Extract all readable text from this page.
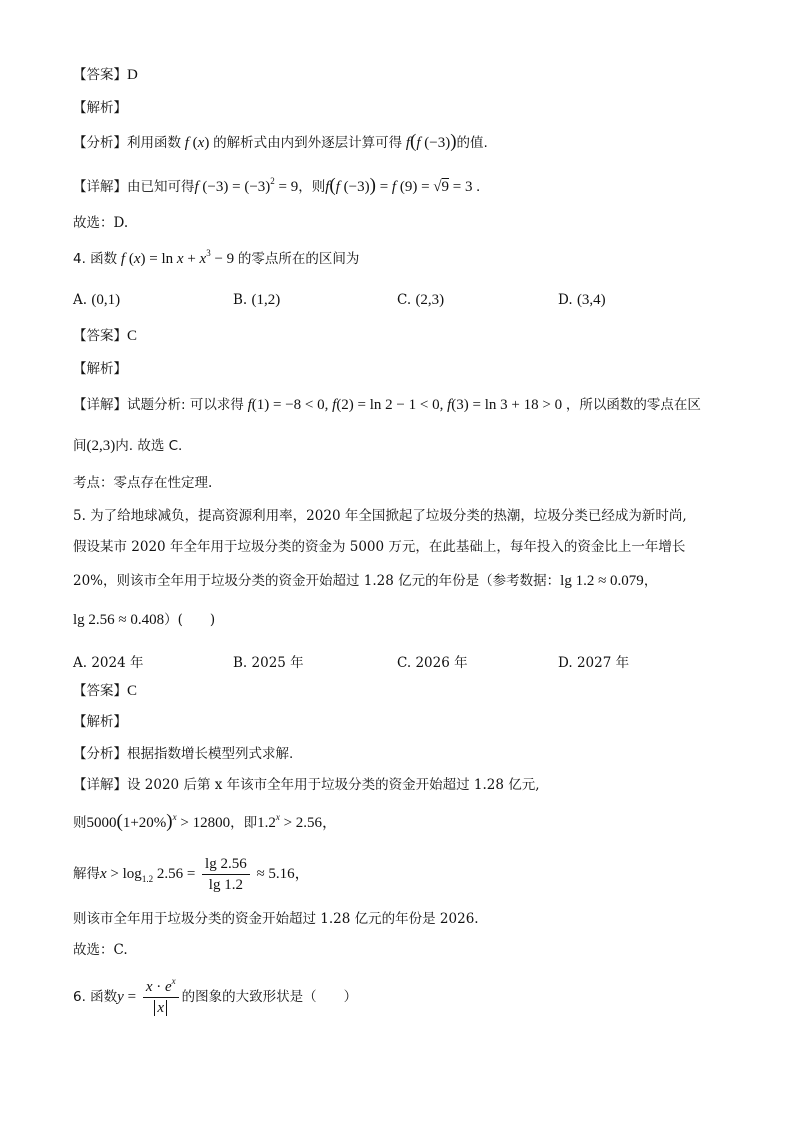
【答案】D
【解析】
【分析】利用函数 f (x) 的解析式由内到外逐层计算可得 f(f (−3))的值.
【详解】由已知可得f $(-3) = (-3)^2 = 9$，则f(f (−3)) = f (9) = √9 = 3 .
故选：D.
4. 函数 f $(x) = \ln x + x^3 - 9$ 的零点所在的区间为
A. (0,1)	B. (1,2)	C. (2,3)	D. (3,4)
【答案】C
【解析】
【详解】试题分析: 可以求得 f(1) = −8 < 0, f(2) = ln 2 − 1 < 0, f(3) = ln 3 + 18 > 0 ，所以函数的零点在区
间(2,3)内. 故选 C.
考点：零点存在性定理.
5. 为了给地球减负，提高资源利用率，2020 年全国掀起了垃圾分类的热潮，垃圾分类已经成为新时尚,
假设某市 2020 年全年用于垃圾分类的资金为 5000 万元，在此基础上，每年投入的资金比上一年增长
20%，则该市全年用于垃圾分类的资金开始超过 1.28 亿元的年份是（参考数据：lg 1.2 ≈ 0.079，
lg 2.56 ≈ 0.408）(　　)
A. 2024 年	B. 2025 年	C. 2026 年	D. 2027 年
【答案】C
【解析】
【分析】根据指数增长模型列式求解.
【详解】设 2020 后第 x 年该市全年用于垃圾分类的资金开始超过 1.28 亿元,
则$5000(1+20\%)^x > 12800$，即$1.2^x > 2.56$，
解得$x > \log_{1.2} 2.56 = \frac{\lg 2.56}{\lg 1.2} \approx 5.16$，
则该市全年用于垃圾分类的资金开始超过 1.28 亿元的年份是 2026.
故选：C.
6. 函数$y = \frac{x \cdot e^x}{x}$ 的图象的大致形状是（　　）
